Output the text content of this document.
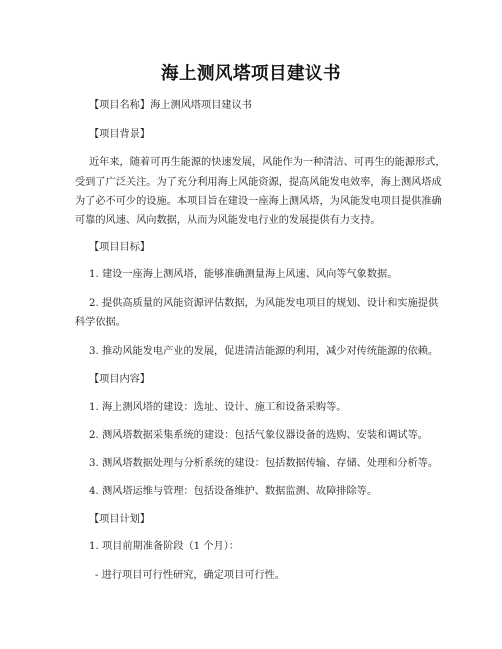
海上测风塔项目建议书
【项目名称】海上测风塔项目建议书
【项目背景】
近年来，随着可再生能源的快速发展，风能作为一种清洁、可再生的能源形式，
受到了广泛关注。为了充分利用海上风能资源，提高风能发电效率，海上测风塔成
为了必不可少的设施。本项目旨在建设一座海上测风塔，为风能发电项目提供准确
可靠的风速、风向数据，从而为风能发电行业的发展提供有力支持。
【项目目标】
1. 建设一座海上测风塔，能够准确测量海上风速、风向等气象数据。
2. 提供高质量的风能资源评估数据，为风能发电项目的规划、设计和实施提供
科学依据。
3. 推动风能发电产业的发展，促进清洁能源的利用，减少对传统能源的依赖。
【项目内容】
1. 海上测风塔的建设：选址、设计、施工和设备采购等。
2. 测风塔数据采集系统的建设：包括气象仪器设备的选购、安装和调试等。
3. 测风塔数据处理与分析系统的建设：包括数据传输、存储、处理和分析等。
4. 测风塔运维与管理：包括设备维护、数据监测、故障排除等。
【项目计划】
1. 项目前期准备阶段（1 个月）：
- 进行项目可行性研究，确定项目可行性。
